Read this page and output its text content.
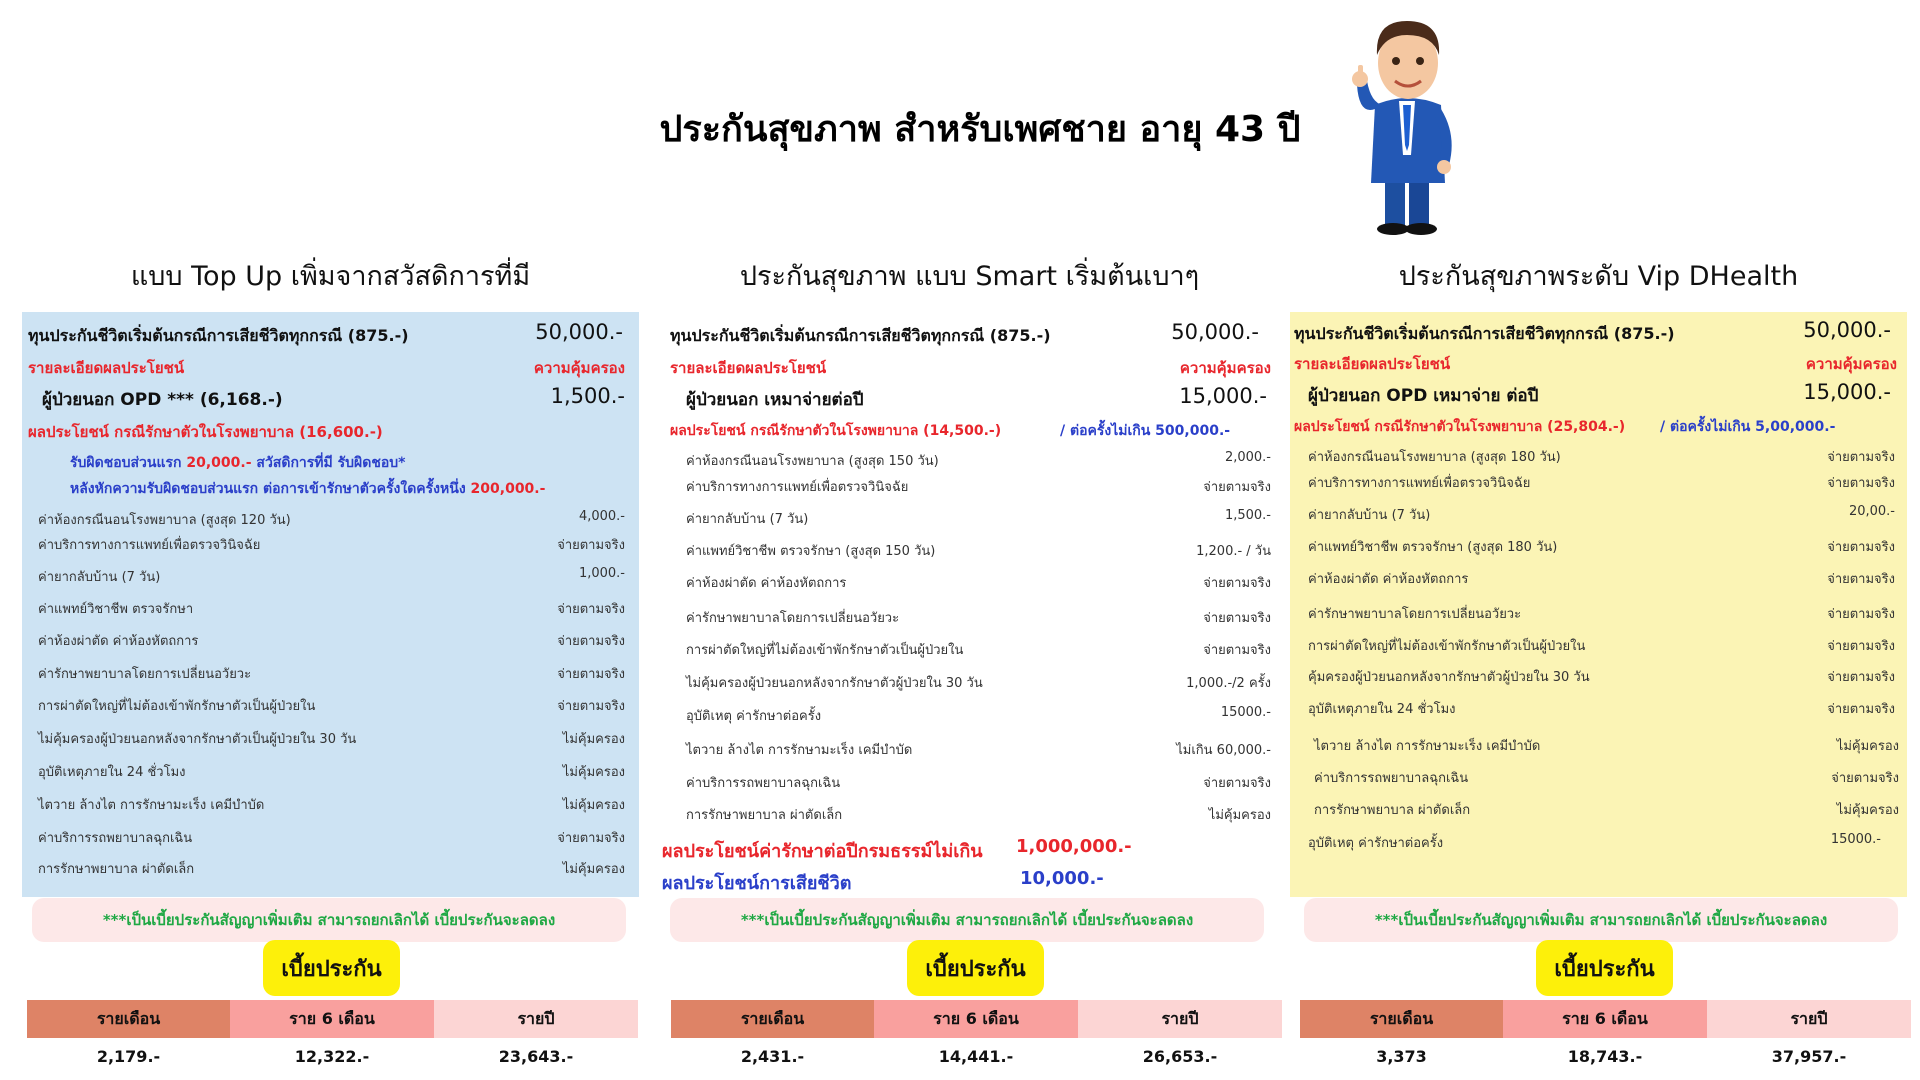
ประกันสุขภาพ สำหรับเพศชาย อายุ 43 ปี
แบบ Top Up เพิ่มจากสวัสดิการที่มี	ประกันสุขภาพ แบบ Smart เริ่มต้นเบาๆ	ประกันสุขภาพระดับ Vip DHealth
ทุนประกันชีวิตเริ่มต้นกรณีการเสียชีวิตทุกกรณี (875.-)	50,000.-
รายละเอียดผลประโยชน์	ความคุ้มครอง
ผู้ป่วยนอก OPD *** (6,168.-)	1,500.-
ผลประโยชน์ กรณีรักษาตัวในโรงพยาบาล (16,600.-)
รับผิดชอบส่วนแรก 20,000.- สวัสดิการที่มี รับผิดชอบ*
หลังหักความรับผิดชอบส่วนแรก ต่อการเข้ารักษาตัวครั้งใดครั้งหนึ่ง 200,000.-
ค่าห้องกรณีนอนโรงพยาบาล (สูงสุด 120 วัน)	4,000.-
ค่าบริการทางการแพทย์เพื่อตรวจวินิจฉัย	จ่ายตามจริง
ค่ายากลับบ้าน (7 วัน)	1,000.-
ค่าแพทย์วิชาชีพ ตรวจรักษา	จ่ายตามจริง
ค่าห้องผ่าตัด ค่าห้องหัตถการ	จ่ายตามจริง
ค่ารักษาพยาบาลโดยการเปลี่ยนอวัยวะ	จ่ายตามจริง
การผ่าตัดใหญ่ที่ไม่ต้องเข้าพักรักษาตัวเป็นผู้ป่วยใน	จ่ายตามจริง
ไม่คุ้มครองผู้ป่วยนอกหลังจากรักษาตัวเป็นผู้ป่วยใน 30 วัน	ไม่คุ้มครอง
อุบัติเหตุภายใน 24 ชั่วโมง	ไม่คุ้มครอง
ไตวาย ล้างไต การรักษามะเร็ง เคมีบำบัด	ไม่คุ้มครอง
ค่าบริการรถพยาบาลฉุกเฉิน	จ่ายตามจริง
การรักษาพยาบาล ผ่าตัดเล็ก	ไม่คุ้มครอง
ทุนประกันชีวิตเริ่มต้นกรณีการเสียชีวิตทุกกรณี (875.-)	50,000.-
รายละเอียดผลประโยชน์	ความคุ้มครอง
ผู้ป่วยนอก เหมาจ่ายต่อปี	15,000.-
ผลประโยชน์ กรณีรักษาตัวในโรงพยาบาล (14,500.-)	/ ต่อครั้งไม่เกิน 500,000.-
ค่าห้องกรณีนอนโรงพยาบาล (สูงสุด 150 วัน)	2,000.-
ค่าบริการทางการแพทย์เพื่อตรวจวินิจฉัย	จ่ายตามจริง
ค่ายากลับบ้าน (7 วัน)	1,500.-
ค่าแพทย์วิชาชีพ ตรวจรักษา (สูงสุด 150 วัน)	1,200.- / วัน
ค่าห้องผ่าตัด ค่าห้องหัตถการ	จ่ายตามจริง
ค่ารักษาพยาบาลโดยการเปลี่ยนอวัยวะ	จ่ายตามจริง
การผ่าตัดใหญ่ที่ไม่ต้องเข้าพักรักษาตัวเป็นผู้ป่วยใน	จ่ายตามจริง
ไม่คุ้มครองผู้ป่วยนอกหลังจากรักษาตัวผู้ป่วยใน 30 วัน	1,000.-/2 ครั้ง
อุบัติเหตุ ค่ารักษาต่อครั้ง	15000.-
ไตวาย ล้างไต การรักษามะเร็ง เคมีบำบัด	ไม่เกิน 60,000.-
ค่าบริการรถพยาบาลฉุกเฉิน	จ่ายตามจริง
การรักษาพยาบาล ผ่าตัดเล็ก	ไม่คุ้มครอง
ผลประโยชน์ค่ารักษาต่อปีกรมธรรม์ไม่เกิน 1,000,000.-
ผลประโยชน์การเสียชีวิต	10,000.-
ทุนประกันชีวิตเริ่มต้นกรณีการเสียชีวิตทุกกรณี (875.-)	50,000.-
รายละเอียดผลประโยชน์	ความคุ้มครอง
ผู้ป่วยนอก OPD เหมาจ่าย ต่อปี	15,000.-
ผลประโยชน์ กรณีรักษาตัวในโรงพยาบาล (25,804.-) / ต่อครั้งไม่เกิน 5,00,000.-
ค่าห้องกรณีนอนโรงพยาบาล (สูงสุด 180 วัน)	จ่ายตามจริง
ค่าบริการทางการแพทย์เพื่อตรวจวินิจฉัย	จ่ายตามจริง
ค่ายากลับบ้าน (7 วัน)	20,00.-
ค่าแพทย์วิชาชีพ ตรวจรักษา (สูงสุด 180 วัน)	จ่ายตามจริง
ค่าห้องผ่าตัด ค่าห้องหัตถการ	จ่ายตามจริง
ค่ารักษาพยาบาลโดยการเปลี่ยนอวัยวะ	จ่ายตามจริง
การผ่าตัดใหญ่ที่ไม่ต้องเข้าพักรักษาตัวเป็นผู้ป่วยใน	จ่ายตามจริง
คุ้มครองผู้ป่วยนอกหลังจากรักษาตัวผู้ป่วยใน 30 วัน	จ่ายตามจริง
อุบัติเหตุภายใน 24 ชั่วโมง	จ่ายตามจริง
ไตวาย ล้างไต การรักษามะเร็ง เคมีบำบัด	ไม่คุ้มครอง
ค่าบริการรถพยาบาลฉุกเฉิน	จ่ายตามจริง
การรักษาพยาบาล ผ่าตัดเล็ก	ไม่คุ้มครอง
อุบัติเหตุ ค่ารักษาต่อครั้ง	15000.-
***เป็นเบี้ยประกันสัญญาเพิ่มเติม สามารถยกเลิกได้ เบี้ยประกันจะลดลง	***เป็นเบี้ยประกันสัญญาเพิ่มเติม สามารถยกเลิกได้ เบี้ยประกันจะลดลง	***เป็นเบี้ยประกันสัญญาเพิ่มเติม สามารถยกเลิกได้ เบี้ยประกันจะลดลง
เบี้ยประกัน	เบี้ยประกัน	เบี้ยประกัน
รายเดือน	ราย 6 เดือน	รายปี
2,179.-	12,322.-	23,643.-
รายเดือน	ราย 6 เดือน	รายปี
2,431.-	14,441.-	26,653.-
รายเดือน	ราย 6 เดือน	รายปี
3,373	18,743.-	37,957.-
